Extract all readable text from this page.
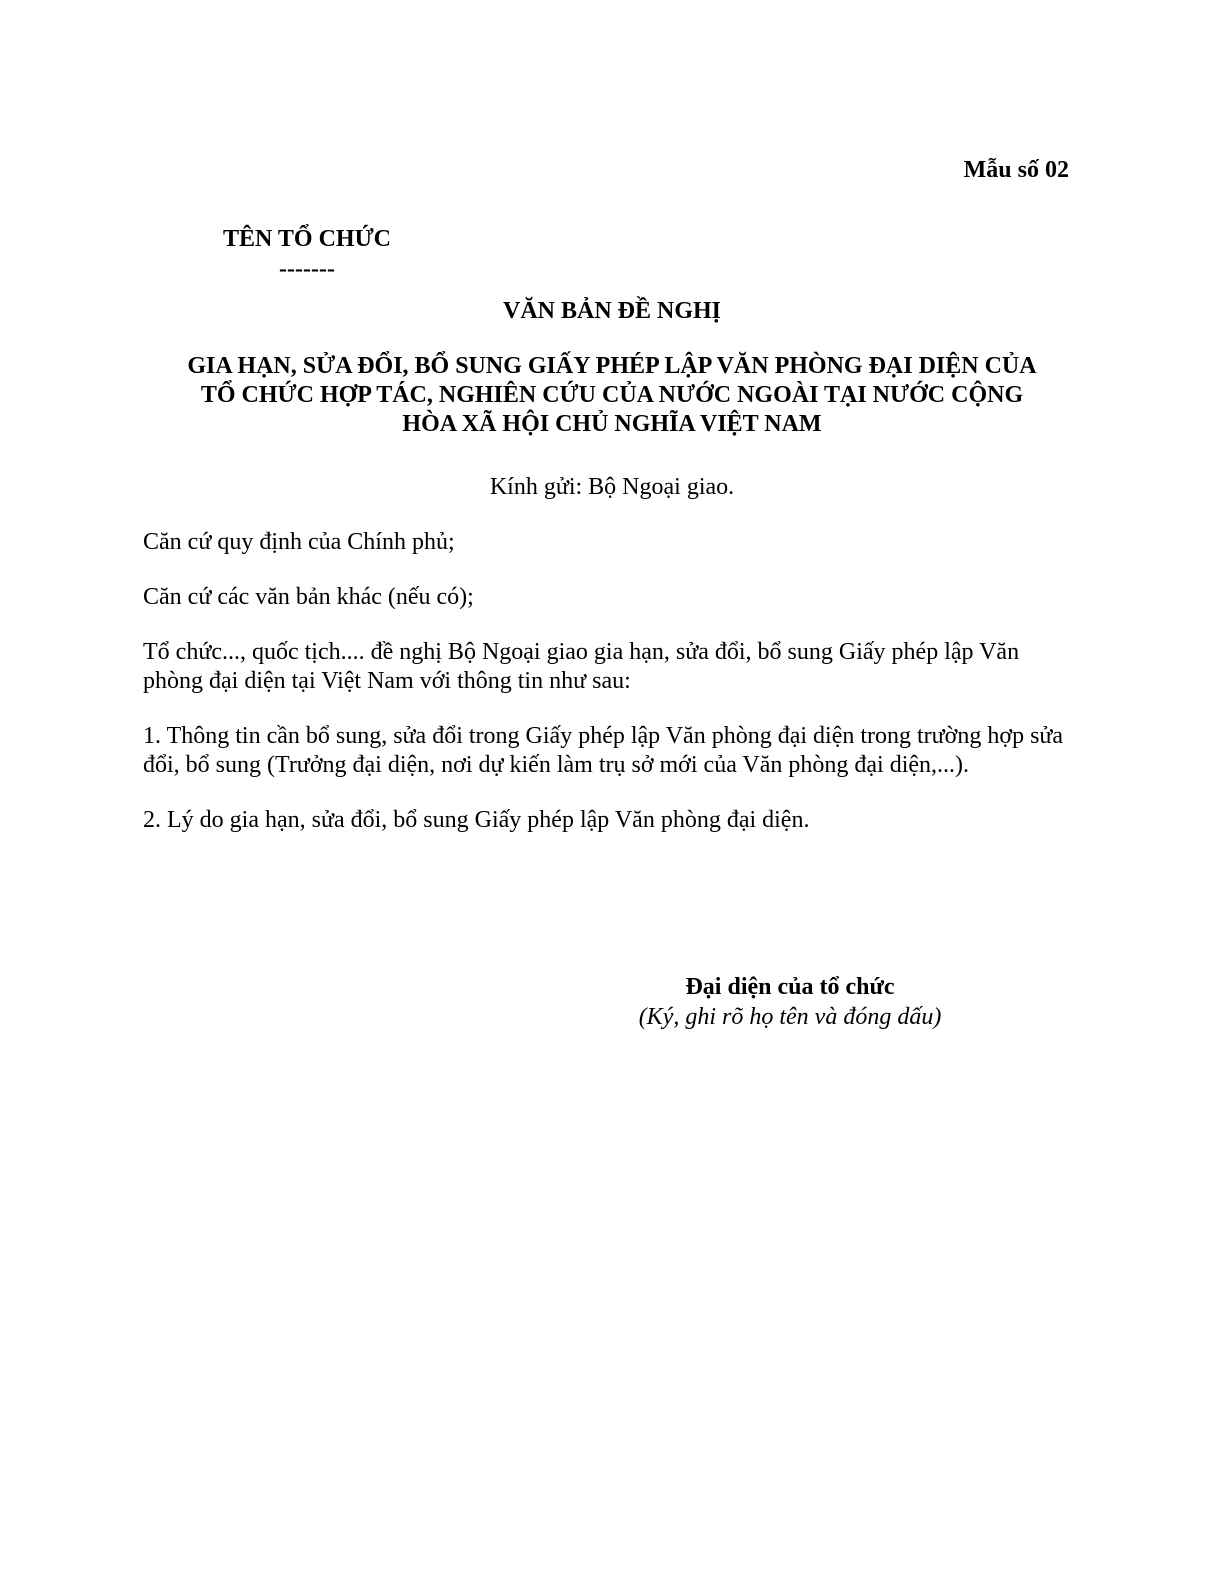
Mẫu số 02
TÊN TỔ CHỨC
-------
VĂN BẢN ĐỀ NGHỊ
GIA HẠN, SỬA ĐỔI, BỔ SUNG GIẤY PHÉP LẬP VĂN PHÒNG ĐẠI DIỆN CỦA
TỔ CHỨC HỢP TÁC, NGHIÊN CỨU CỦA NƯỚC NGOÀI TẠI NƯỚC CỘNG
HÒA XÃ HỘI CHỦ NGHĨA VIỆT NAM
Kính gửi: Bộ Ngoại giao.

Căn cứ quy định của Chính phủ;

Căn cứ các văn bản khác (nếu có);

Tổ chức..., quốc tịch.... đề nghị Bộ Ngoại giao gia hạn, sửa đổi, bổ sung Giấy phép lập Văn phòng đại diện tại Việt Nam với thông tin như sau:

1. Thông tin cần bổ sung, sửa đổi trong Giấy phép lập Văn phòng đại diện trong trường hợp sửa đổi, bổ sung (Trưởng đại diện, nơi dự kiến làm trụ sở mới của Văn phòng đại diện,...).

2. Lý do gia hạn, sửa đổi, bổ sung Giấy phép lập Văn phòng đại diện.

Đại diện của tổ chức
(Ký, ghi rõ họ tên và đóng dấu)
